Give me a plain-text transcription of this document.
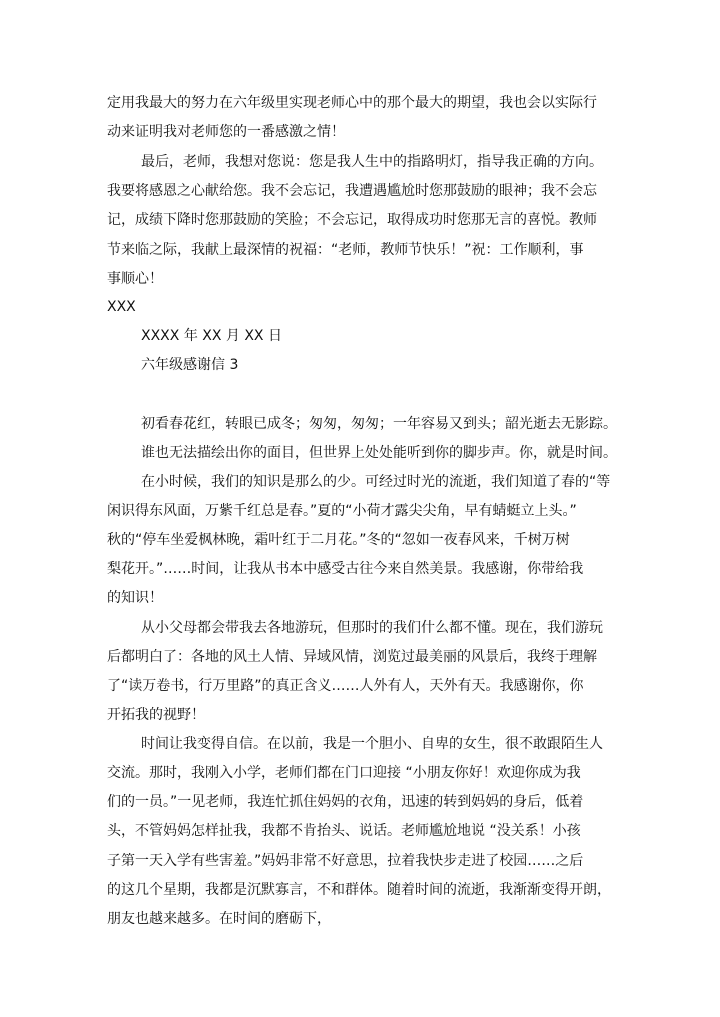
定用我最大的努力在六年级里实现老师心中的那个最大的期望，我也会以实际行
动来证明我对老师您的一番感激之情！
最后，老师，我想对您说：您是我人生中的指路明灯，指导我正确的方向。
我要将感恩之心献给您。我不会忘记，我遭遇尴尬时您那鼓励的眼神；我不会忘
记，成绩下降时您那鼓励的笑脸；不会忘记，取得成功时您那无言的喜悦。教师
节来临之际，我献上最深情的祝福：“老师，教师节快乐！”祝：工作顺利，事
事顺心！
XXX
XXXX 年 XX 月 XX 日
六年级感谢信 3
初看春花红，转眼已成冬；匆匆，匆匆；一年容易又到头；韶光逝去无影踪。
谁也无法描绘出你的面目，但世界上处处能听到你的脚步声。你，就是时间。
在小时候，我们的知识是那么的少。可经过时光的流逝，我们知道了春的“等
闲识得东风面，万紫千红总是春。”夏的“小荷才露尖尖角，早有蜻蜓立上头。”
秋的“停车坐爱枫林晚，霜叶红于二月花。”冬的“忽如一夜春风来，千树万树
梨花开。”……时间，让我从书本中感受古往今来自然美景。我感谢，你带给我
的知识！
从小父母都会带我去各地游玩，但那时的我们什么都不懂。现在，我们游玩
后都明白了：各地的风土人情、异域风情，浏览过最美丽的风景后，我终于理解
了“读万卷书，行万里路”的真正含义……人外有人，天外有天。我感谢你，你
开拓我的视野！
时间让我变得自信。在以前，我是一个胆小、自卑的女生，很不敢跟陌生人
交流。那时，我刚入小学，老师们都在门口迎接 “小朋友你好！欢迎你成为我
们的一员。”一见老师，我连忙抓住妈妈的衣角，迅速的转到妈妈的身后，低着
头，不管妈妈怎样扯我，我都不肯抬头、说话。老师尴尬地说 “没关系！小孩
子第一天入学有些害羞。”妈妈非常不好意思，拉着我快步走进了校园……之后
的这几个星期，我都是沉默寡言，不和群体。随着时间的流逝，我渐渐变得开朗，
朋友也越来越多。在时间的磨砺下，
